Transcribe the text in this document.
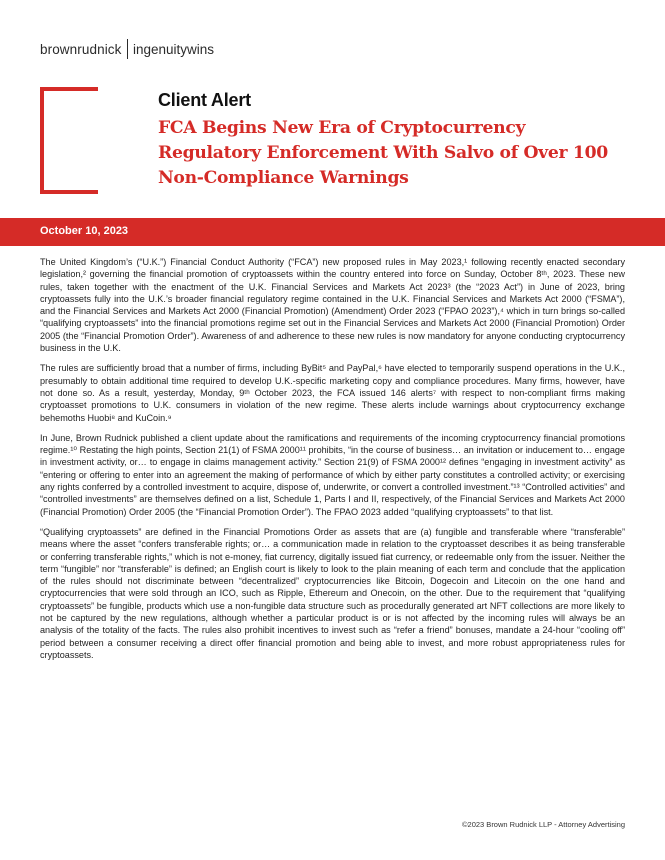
brownrudnick ingenuitywins
Client Alert
FCA Begins New Era of Cryptocurrency
Regulatory Enforcement With Salvo of Over 100
Non-Compliance Warnings
October 10, 2023

The United Kingdom’s (“U.K.”) Financial Conduct Authority (“FCA”) new proposed rules in May 2023,¹ following recently enacted secondary legislation,² governing the financial promotion of cryptoassets within the country entered into force on Sunday, October 8ᵗʰ, 2023. These new rules, taken together with the enactment of the U.K. Financial Services and Markets Act 2023³ (the “2023 Act”) in June of 2023, bring cryptoassets fully into the U.K.’s broader financial regulatory regime contained in the U.K. Financial Services and Markets Act 2000 (“FSMA”), and the Financial Services and Markets Act 2000 (Financial Promotion) (Amendment) Order 2023 (“FPAO 2023”),⁴ which in turn brings so-called “qualifying cryptoassets” into the financial promotions regime set out in the Financial Services and Markets Act 2000 (Financial Promotion) Order 2005 (the “Financial Promotion Order”). Awareness of and adherence to these new rules is now mandatory for anyone conducting cryptocurrency business in the U.K.

The rules are sufficiently broad that a number of firms, including ByBit⁵ and PayPal,⁶ have elected to temporarily suspend operations in the U.K., presumably to obtain additional time required to develop U.K.-specific marketing copy and compliance procedures. Many firms, however, have not done so. As a result, yesterday, Monday, 9ᵗʰ October 2023, the FCA issued 146 alerts⁷ with respect to non-compliant firms making cryptoasset promotions to U.K. consumers in violation of the new regime. These alerts include warnings about cryptocurrency exchange behemoths Huobi⁸ and KuCoin.⁹

In June, Brown Rudnick published a client update about the ramifications and requirements of the incoming cryptocurrency financial promotions regime.¹⁰ Restating the high points, Section 21(1) of FSMA 2000¹¹ prohibits, “in the course of business… an invitation or inducement to… engage in investment activity, or… to engage in claims management activity.” Section 21(9) of FSMA 2000¹² defines “engaging in investment activity” as “entering or offering to enter into an agreement the making of performance of which by either party constitutes a controlled activity; or exercising any rights conferred by a controlled investment to acquire, dispose of, underwrite, or convert a controlled investment.”¹³ “Controlled activities” and “controlled investments” are themselves defined on a list, Schedule 1, Parts I and II, respectively, of the Financial Services and Markets Act 2000 (Financial Promotion) Order 2005 (the “Financial Promotion Order”). The FPAO 2023 added “qualifying cryptoassets” to that list.

“Qualifying cryptoassets” are defined in the Financial Promotions Order as assets that are (a) fungible and transferable where “transferable” means where the asset “confers transferable rights; or… a communication made in relation to the cryptoasset describes it as being transferable or conferring transferable rights,” which is not e-money, fiat currency, digitally issued fiat currency, or redeemable only from the issuer. Neither the term “fungible” nor “transferable” is defined; an English court is likely to look to the plain meaning of each term and conclude that the application of the rules should not discriminate between “decentralized” cryptocurrencies like Bitcoin, Dogecoin and Litecoin on the one hand and cryptocurrencies that were sold through an ICO, such as Ripple, Ethereum and Onecoin, on the other. Due to the requirement that “qualifying cryptoassets” be fungible, products which use a non-fungible data structure such as procedurally generated art NFT collections are more likely to not be captured by the new regulations, although whether a particular product is or is not affected by the incoming rules will always be an analysis of the totality of the facts. The rules also prohibit incentives to invest such as “refer a friend” bonuses, mandate a 24-hour “cooling off” period between a consumer receiving a direct offer financial promotion and being able to invest, and more robust appropriateness rules for cryptoassets.

©2023 Brown Rudnick LLP - Attorney Advertising
